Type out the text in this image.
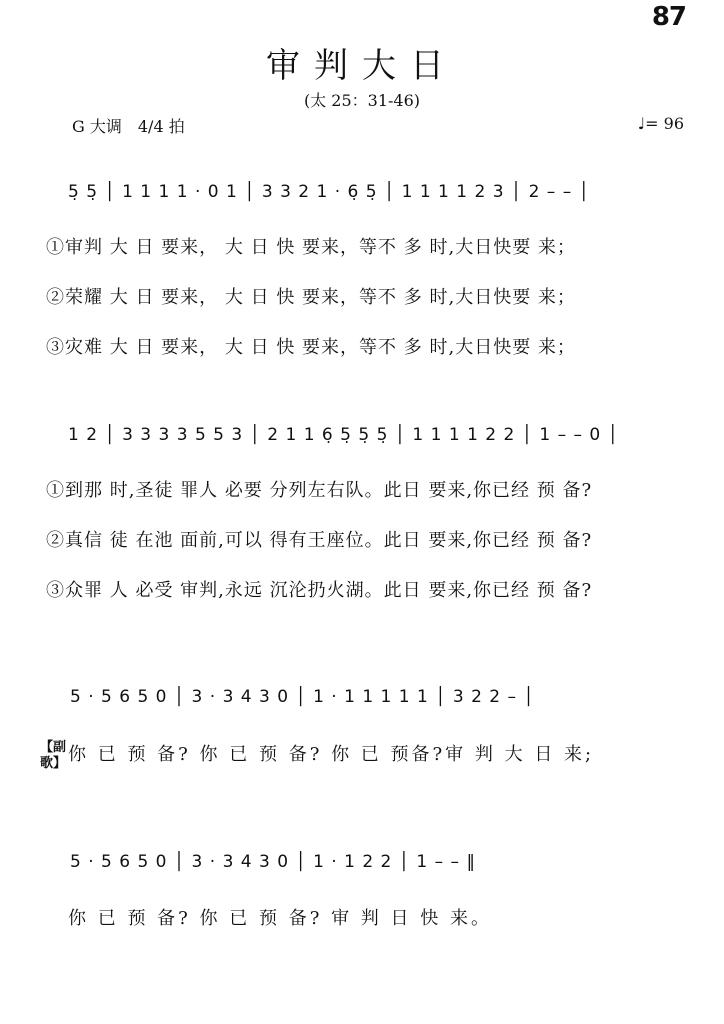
87
审判大日
(太 25：31-46)
G 大调　4/4 拍	♩= 96
5̣ 5̣ │ 1 1 1 1 · 0 1 │ 3 3 2 1 · 6̣ 5̣ │ 1 1 1 1 2 3 │ 2 – – │
①审判 大 日 要来， 大 日 快 要来，等不 多 时,大日快要 来；
②荣耀 大 日 要来， 大 日 快 要来，等不 多 时,大日快要 来；
③灾难 大 日 要来， 大 日 快 要来，等不 多 时,大日快要 来；
1 2 │ 3 3 3 3 5 5 3 │ 2 1 1 6̣ 5̣ 5̣ 5̣ │ 1 1 1 1 2 2 │ 1 – – 0 │
①到那 时,圣徒 罪人 必要 分列左右队。此日 要来,你已经 预 备?
②真信 徒 在池 面前,可以 得有王座位。此日 要来,你已经 预 备?
③众罪 人 必受 审判,永远 沉沦扔火湖。此日 要来,你已经 预 备?
5 · 5 6 5 0 │ 3 · 3 4 3 0 │ 1 · 1 1 1 1 1 │ 3 2 2 – │
【副歌】 你 已 预 备? 你 已 预 备? 你 已 预备?审 判 大 日 来;
5 · 5 6 5 0 │ 3 · 3 4 3 0 │ 1 · 1 2 2 │ 1 – – ‖
你 已 预 备? 你 已 预 备? 审 判 日 快 来。
